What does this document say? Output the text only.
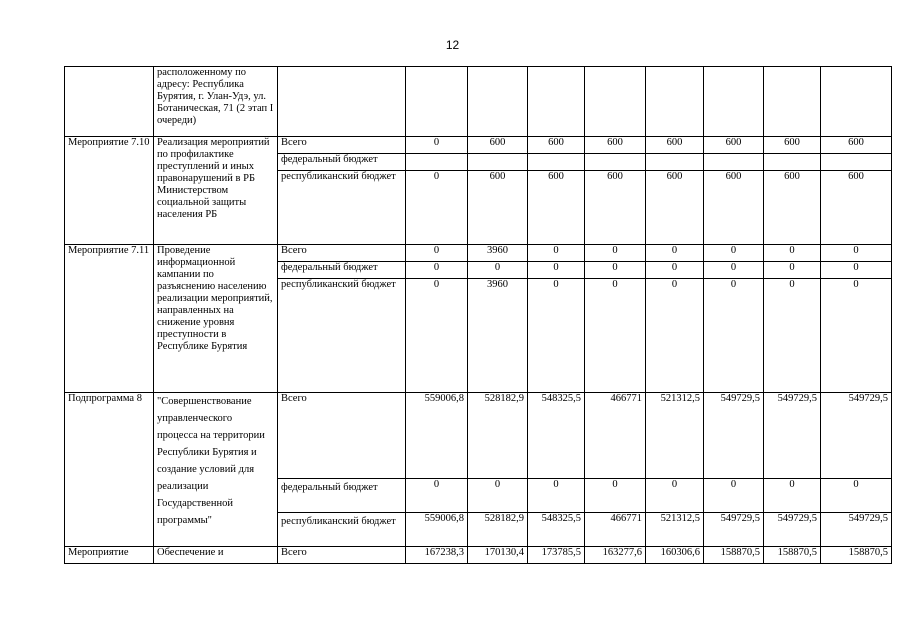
12
	расположенному по адресу: Республика Бурятия, г. Улан-Удэ, ул. Ботаническая, 71 (2 этап I очереди)									
Мероприятие 7.10	Реализация мероприятий по профилактике преступлений и иных правонарушений в РБ Министерством социальной защиты населения РБ	Всего	0	600	600	600	600	600	600	600
		федеральный бюджет								
		республиканский бюджет	0	600	600	600	600	600	600	600
Мероприятие 7.11	Проведение информационной кампании по разъяснению населению реализации мероприятий, направленных на снижение уровня преступности в Республике Бурятия	Всего	0	3960	0	0	0	0	0	0
		федеральный бюджет	0	0	0	0	0	0	0	0
		республиканский бюджет	0	3960	0	0	0	0	0	0
Подпрограмма 8	"Совершенствование управленческого процесса на территории Республики Бурятия и создание условий для реализации Государственной программы"	Всего	559006,8	528182,9	548325,5	466771	521312,5	549729,5	549729,5	549729,5
		федеральный бюджет	0	0	0	0	0	0	0	0
		республиканский бюджет	559006,8	528182,9	548325,5	466771	521312,5	549729,5	549729,5	549729,5
Мероприятие	Обеспечение и	Всего	167238,3	170130,4	173785,5	163277,6	160306,6	158870,5	158870,5	158870,5
